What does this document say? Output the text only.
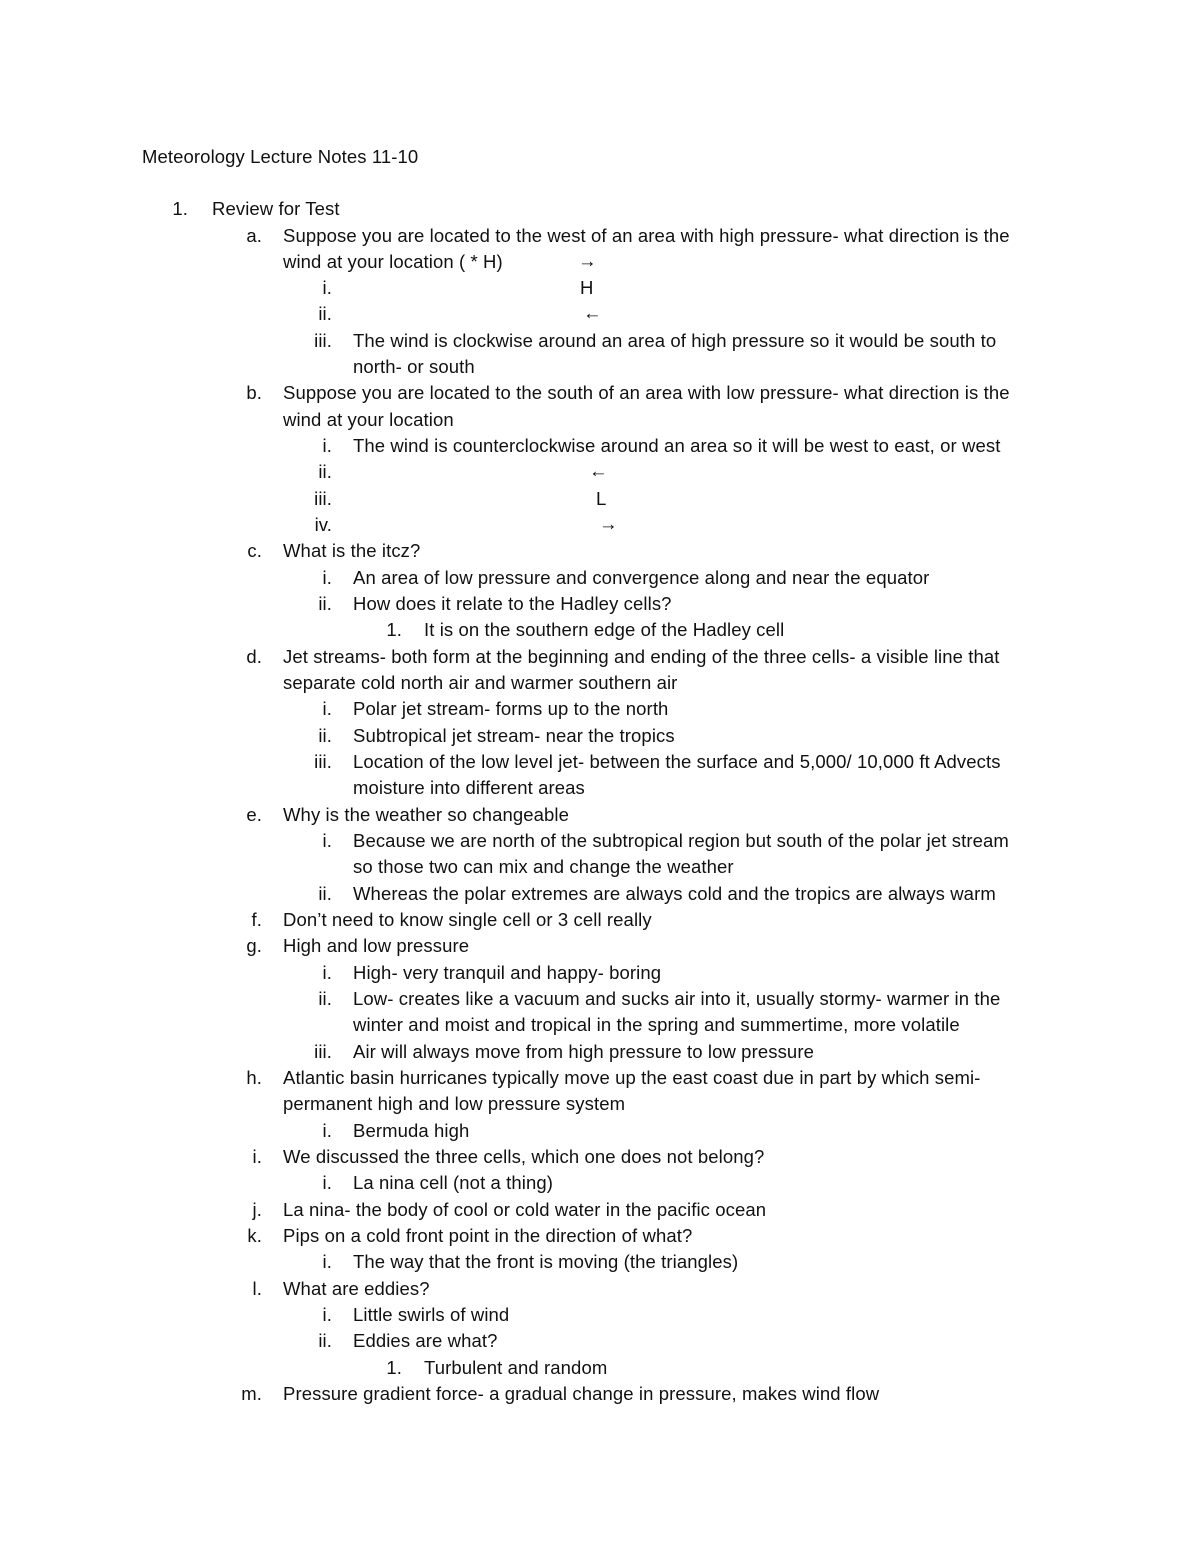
Meteorology Lecture Notes 11-10
1. Review for Test
a. Suppose you are located to the west of an area with high pressure- what direction is the
wind at your location ( * H)	→
i.	H
ii.	←
iii. The wind is clockwise around an area of high pressure so it would be south to
north- or south
b. Suppose you are located to the south of an area with low pressure- what direction is the
wind at your location
i. The wind is counterclockwise around an area so it will be west to east, or west
ii.	←
iii.	L
iv.	→
c. What is the itcz?
i. An area of low pressure and convergence along and near the equator
ii. How does it relate to the Hadley cells?
1. It is on the southern edge of the Hadley cell
d. Jet streams- both form at the beginning and ending of the three cells- a visible line that
separate cold north air and warmer southern air
i. Polar jet stream- forms up to the north
ii. Subtropical jet stream- near the tropics
iii. Location of the low level jet- between the surface and 5,000/ 10,000 ft Advects
moisture into different areas
e. Why is the weather so changeable
i. Because we are north of the subtropical region but south of the polar jet stream
so those two can mix and change the weather
ii. Whereas the polar extremes are always cold and the tropics are always warm
f. Don’t need to know single cell or 3 cell really
g. High and low pressure
i. High- very tranquil and happy- boring
ii. Low- creates like a vacuum and sucks air into it, usually stormy- warmer in the
winter and moist and tropical in the spring and summertime, more volatile
iii. Air will always move from high pressure to low pressure
h. Atlantic basin hurricanes typically move up the east coast due in part by which semi-
permanent high and low pressure system
i. Bermuda high
i. We discussed the three cells, which one does not belong?
i. La nina cell (not a thing)
j. La nina- the body of cool or cold water in the pacific ocean
k. Pips on a cold front point in the direction of what?
i. The way that the front is moving (the triangles)
l. What are eddies?
i. Little swirls of wind
ii. Eddies are what?
1. Turbulent and random
m. Pressure gradient force- a gradual change in pressure, makes wind flow
